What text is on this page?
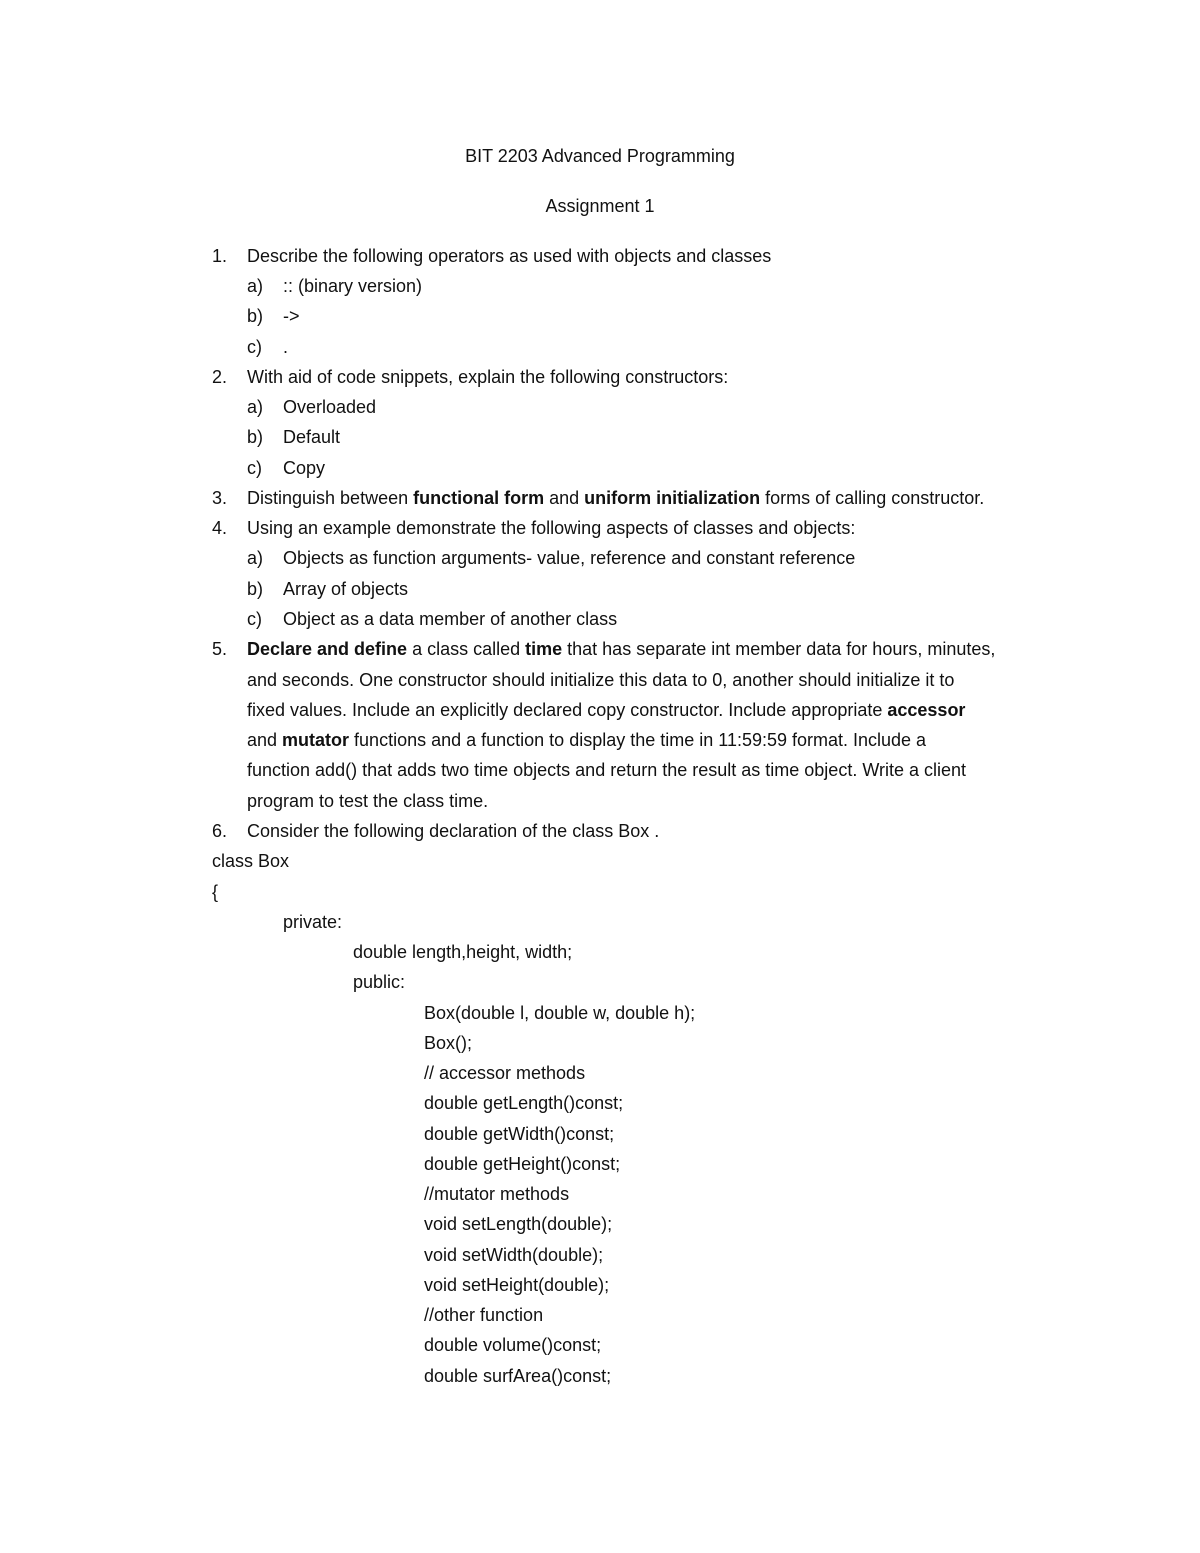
BIT 2203 Advanced Programming
Assignment 1
1. Describe the following operators as used with objects and classes
a) :: (binary version)
b) ->
c) .
2. With aid of code snippets, explain the following constructors:
a) Overloaded
b) Default
c) Copy
3. Distinguish between functional form and uniform initialization forms of calling constructor.
4. Using an example demonstrate the following aspects of classes and objects:
a) Objects as function arguments- value, reference and constant reference
b) Array of objects
c) Object as a data member of another class
5. Declare and define a class called time that has separate int member data for hours, minutes,
and seconds. One constructor should initialize this data to 0, another should initialize it to
fixed values. Include an explicitly declared copy constructor. Include appropriate accessor
and mutator functions and a function to display the time in 11:59:59 format. Include a
function add() that adds two time objects and return the result as time object. Write a client
program to test the class time.
6. Consider the following declaration of the class Box .
class Box
{
private:
double length,height, width;
public:
Box(double l, double w, double h);
Box();
// accessor methods
double getLength()const;
double getWidth()const;
double getHeight()const;
//mutator methods
void setLength(double);
void setWidth(double);
void setHeight(double);
//other function
double volume()const;
double surfArea()const;
